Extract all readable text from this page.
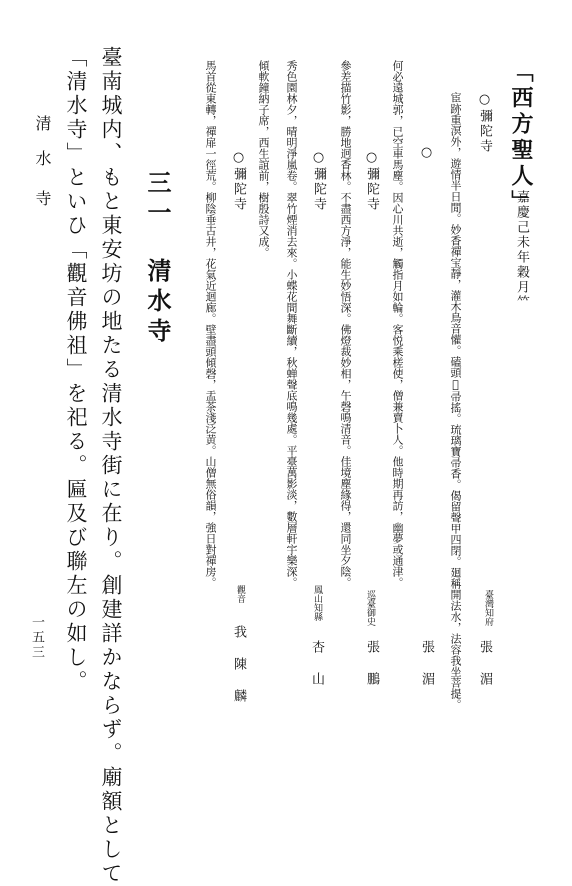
「西方聖人」
嘉慶己未年穀月𥫗
○彌陀寺
宦跡重溟外，遊情半日閒。妙香禪宝靜，灌木鳥音懽。磕頭𤤘帚搖。琉璃寶帚香。偈留聲甲四閉。廻稱開法水，法容我坐菩提。 臺灣知府
張 湄
○
何必遠城郭，已空車馬塵。因心川共逝，觸指月如輪。客悦乘槎使，僧兼賣卜人。他時期再訪，幽夢或通津。
張 湄
○彌陀寺
參差描竹影，勝地迥香林。不盡西方淨，能生妙悟深。佛燈裁妙相，午磬鳴清音。佳境塵緣得，還同坐夕陰。
巡臺御史
張 鵬
○彌陀寺
秀色園林夕，晴明淨嵐卷。翠竹煙消去來。小蝶花間舞斷續，秋蝉聲底鳴幾處。平臺萬影淡，數層軒宇樂深。
傾軟鐘納子席，西生誼前，樹殷詩又成。
鳳山知縣
杏 山
○彌陀寺
馬首從東轉，禪扉一徑荒。柳陰垂古井，花氣近迴廊。壁盡頭傾磬，盂茶淺泛黄。山僧無俗韻，強日對禪房。
觀音
我 陳 麟
三一
清水寺
臺南城内、もと東安坊の地たる清水寺街に在り。創建詳かならず。廟額として
「清水寺」といひ「觀音佛祖」を祀る。匾及び聯左の如し。
清
水
寺
一五三
